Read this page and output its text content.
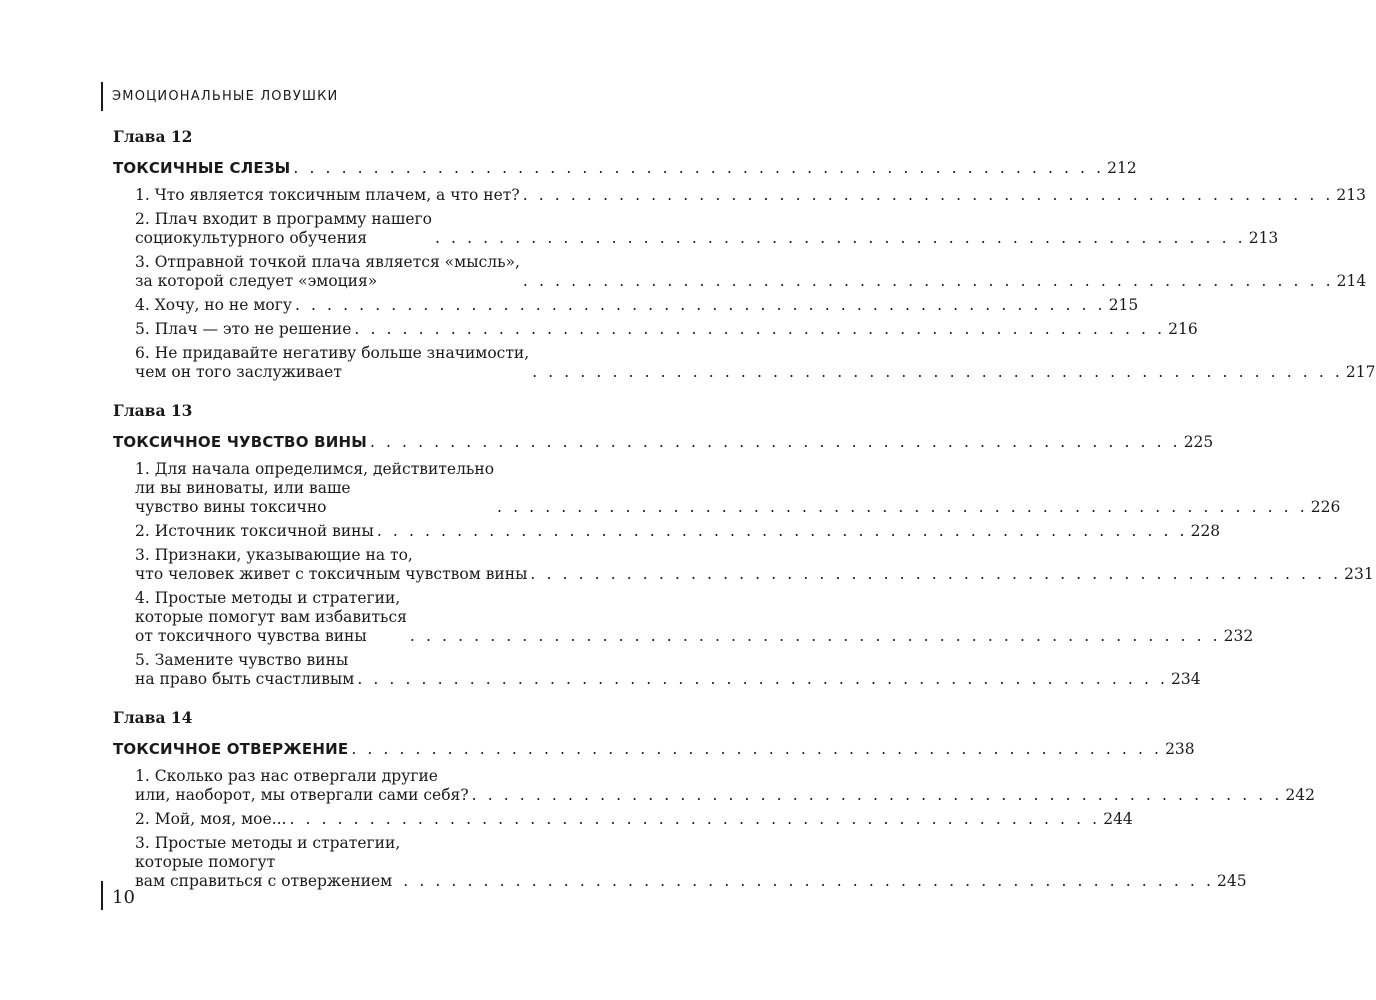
ЭМОЦИОНАЛЬНЫЕ ЛОВУШКИ
Глава 12
ТОКСИЧНЫЕ СЛЕЗЫ . . . . . . . . . . . . . . . . . . . . . . . . . . . . . . . . . . . . . . . . . . . . . . . . . . . 212
1. Что является токсичным плачем, а что нет? . . . . . . . . . . . . . . . . . . . . . . . . . . . . . . . . . . . . . . . . . . . . . . . . . . . 213
2. Плач входит в программу нашего
социокультурного обучения	. . . . . . . . . . . . . . . . . . . . . . . . . . . . . . . . . . . . . . . . . . . . . . . . . . . 213
3. Отправной точкой плача является «мысль»,
за которой следует «эмоция»	. . . . . . . . . . . . . . . . . . . . . . . . . . . . . . . . . . . . . . . . . . . . . . . . . . . 214
4. Хочу, но не могу . . . . . . . . . . . . . . . . . . . . . . . . . . . . . . . . . . . . . . . . . . . . . . . . . . . 215
5. Плач — это не решение . . . . . . . . . . . . . . . . . . . . . . . . . . . . . . . . . . . . . . . . . . . . . . . . . . . 216
6. Не придавайте негативу больше значимости,
чем он того заслуживает	. . . . . . . . . . . . . . . . . . . . . . . . . . . . . . . . . . . . . . . . . . . . . . . . . . . 217
Глава 13
ТОКСИЧНОЕ ЧУВСТВО ВИНЫ . . . . . . . . . . . . . . . . . . . . . . . . . . . . . . . . . . . . . . . . . . . . . . . . . . . 225
1. Для начала определимся, действительно
ли вы виноваты, или ваше
чувство вины токсично	. . . . . . . . . . . . . . . . . . . . . . . . . . . . . . . . . . . . . . . . . . . . . . . . . . . 226
2. Источник токсичной вины . . . . . . . . . . . . . . . . . . . . . . . . . . . . . . . . . . . . . . . . . . . . . . . . . . . 228
3. Признаки, указывающие на то,
что человек живет с токсичным чувством вины . . . . . . . . . . . . . . . . . . . . . . . . . . . . . . . . . . . . . . . . . . . . . . . . . . . 231
4. Простые методы и стратегии,
которые помогут вам избавиться
от токсичного чувства вины	. . . . . . . . . . . . . . . . . . . . . . . . . . . . . . . . . . . . . . . . . . . . . . . . . . . 232
5. Замените чувство вины
на право быть счастливым . . . . . . . . . . . . . . . . . . . . . . . . . . . . . . . . . . . . . . . . . . . . . . . . . . . 234
Глава 14
ТОКСИЧНОЕ ОТВЕРЖЕНИЕ . . . . . . . . . . . . . . . . . . . . . . . . . . . . . . . . . . . . . . . . . . . . . . . . . . . 238
1. Сколько раз нас отвергали другие
или, наоборот, мы отвергали сами себя? . . . . . . . . . . . . . . . . . . . . . . . . . . . . . . . . . . . . . . . . . . . . . . . . . . . 242
2. Мой, моя, мое... . . . . . . . . . . . . . . . . . . . . . . . . . . . . . . . . . . . . . . . . . . . . . . . . . . . 244
3. Простые методы и стратегии,
которые помогут
вам справиться с отвержением . . . . . . . . . . . . . . . . . . . . . . . . . . . . . . . . . . . . . . . . . . . . . . . . . . . 245
10
